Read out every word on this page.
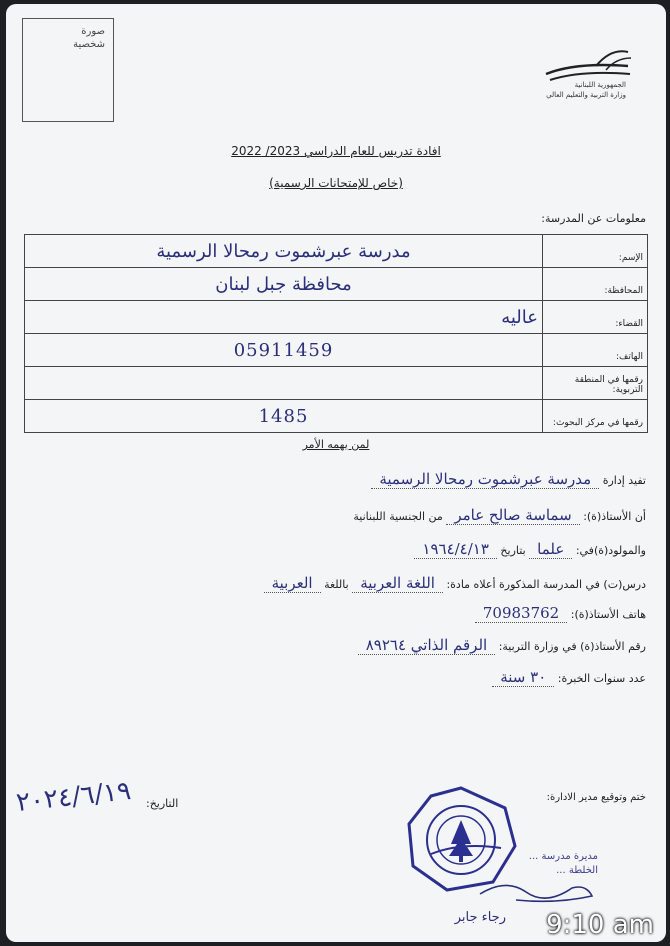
صورة
شخصية
الجمهورية اللبنانية
وزارة التربية والتعليم العالي
افادة تدريس للعام الدراسي 2023/ 2022
(خاص للإمتحانات الرسمية)
معلومات عن المدرسة:
الإسم:	مدرسة عبرشموت رمحالا الرسمية
المحافظة:	محافظة جبل لبنان
القضاء:	عاليه
الهاتف:	05911459
رقمها في المنطقة التربوية:	
رقمها في مركز البحوث:	1485
لمن يهمه الأمر
تفيد إدارة مدرسة عبرشموت رمحالا الرسمية
أن الأستاذ(ة): سماسة صالح عامر من الجنسية اللبنانية
والمولود(ة)في: علما بتاريخ ١٩٦٤/٤/١٣
درس(ت) في المدرسة المذكورة أعلاه مادة: اللغة العربية باللغة العربية
هاتف الأستاذ(ة): 70983762
رقم الأستاذ(ة) في وزارة التربية: الرقم الذاتي ٨٩٢٦٤
عدد سنوات الخبرة: ٣٠ سنة
٢٠٢٤/٦/١٩ التاريخ:	ختم وتوقيع مدير الادارة:
مديرة مدرسة ...
الخلطة ...
رجاء جابر 9:10 am
